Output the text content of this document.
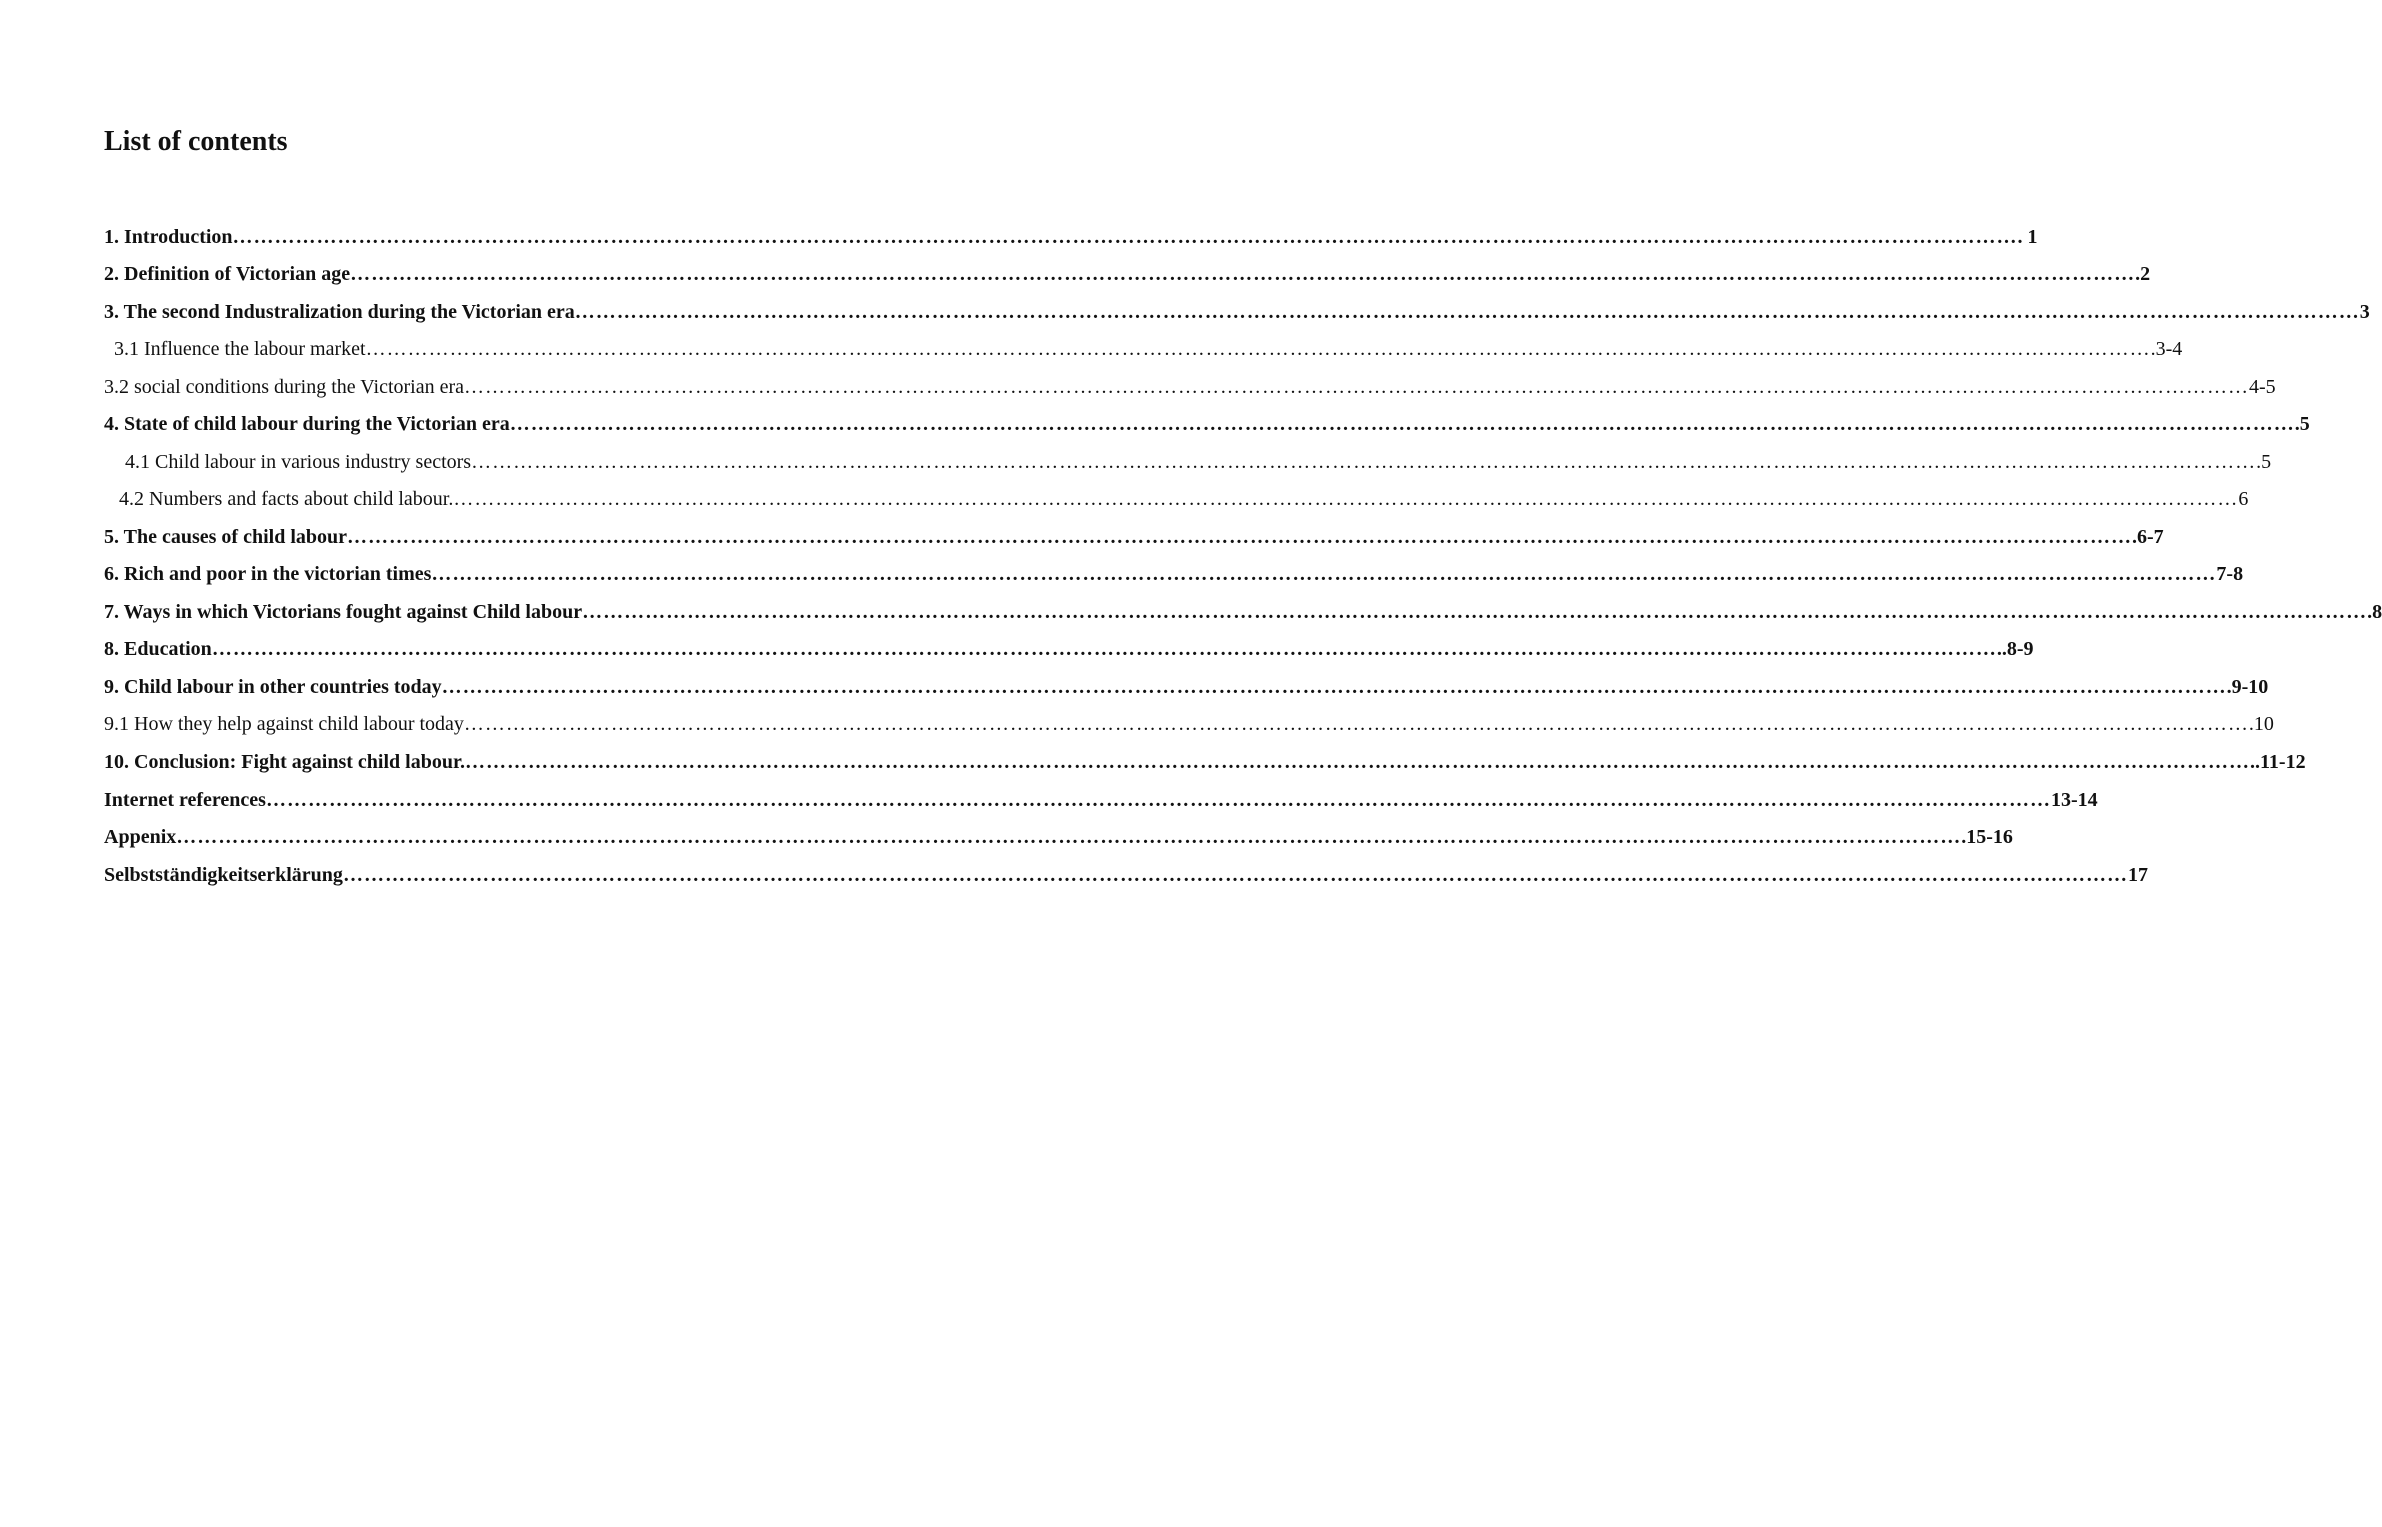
List of contents
1. Introduction ………………………………………………………………………………………………………………………………………………………………………………………………………………………………… . 1
2. Definition of Victorian age ………………………………………………………………………………………………………………………………………………………………………………………………………………………………… .2
3. The second Industralization during the Victorian era ………………………………………………………………………………………………………………………………………………………………………………………………………………………………… 3
3.1 Influence the labour market ………………………………………………………………………………………………………………………………………………………………………………………………………………………………… .3-4
3.2 social conditions during the Victorian era ………………………………………………………………………………………………………………………………………………………………………………………………………………………………… 4-5
4. State of child labour during the Victorian era ………………………………………………………………………………………………………………………………………………………………………………………………………………………………… .5
4.1 Child labour in various industry sectors ………………………………………………………………………………………………………………………………………………………………………………………………………………………………… .5
4.2 Numbers and facts about child labour. ………………………………………………………………………………………………………………………………………………………………………………………………………………………………… 6
5. The causes of child labour ………………………………………………………………………………………………………………………………………………………………………………………………………………………………… .6-7
6. Rich and poor in the victorian times ………………………………………………………………………………………………………………………………………………………………………………………………………………………………… 7-8
7. Ways in which Victorians fought against Child labour ………………………………………………………………………………………………………………………………………………………………………………………………………………………………… .8
8. Education ………………………………………………………………………………………………………………………………………………………………………………………………………………………………… ..8-9
9. Child labour in other countries today ………………………………………………………………………………………………………………………………………………………………………………………………………………………………… .9-10
9.1 How they help against child labour today ………………………………………………………………………………………………………………………………………………………………………………………………………………………………… .10
10. Conclusion: Fight against child labour. ………………………………………………………………………………………………………………………………………………………………………………………………………………………………… ..11-12
Internet references ………………………………………………………………………………………………………………………………………………………………………………………………………………………………… 13-14
Appenix ………………………………………………………………………………………………………………………………………………………………………………………………………………………………… .15-16
Selbstständigkeitserklärung ………………………………………………………………………………………………………………………………………………………………………………………………………………………………… 17
